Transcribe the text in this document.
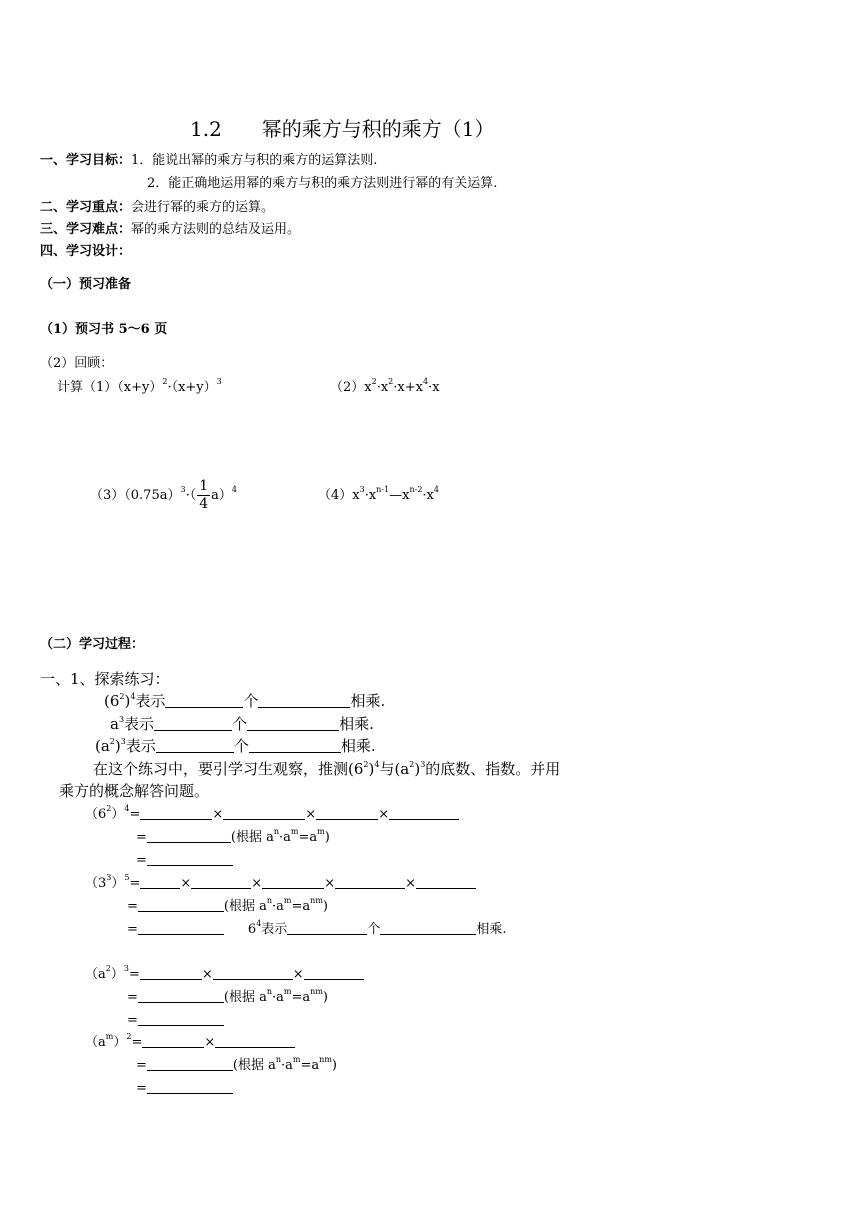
1.2　　幂的乘方与积的乘方（1）
一、学习目标：1．能说出幂的乘方与积的乘方的运算法则.
2．能正确地运用幂的乘方与积的乘方法则进行幂的有关运算.
二、学习重点：会进行幂的乘方的运算。
三、学习难点：幂的乘方法则的总结及运用。
四、学习设计：
（一）预习准备
（1）预习书 5～6 页
（2）回顾：
计算$(1)(x+y)^2\cdot(x+y)^3$	$(2)x^2\cdot x^2\cdot x+x^4\cdot x$
$(3)(0.75a)^3\cdot( \frac{1}{4} a)^4$	$(4)x^3\cdot x^{n-1}—x^{n-2}\cdot x^4$
（二）学习过程：
一、1、探索练习：
$(6^2)^4$表示	个	相乘.
$a^3$表示	个	相乘.
$(a^2)^3$表示	个	相乘.
在这个练习中，要引学习生观察，推测$(6^2)^4$与$(a^2)^3$的底数、指数。并用
乘方的概念解答问题。
$(6^2)^4=$	×	×	×
=	(根据 $a^n\cdot a^m=a^m$)
=
$(3^3)^5=$	×	×	×	×
=	(根据 $a^n\cdot a^m=a^{nm}$)
=	$6^4$表示	个	相乘.
$(a^2)^3=$	×	×
=	(根据 $a^n\cdot a^m=a^{nm}$)
=
$(a^m)^2=$	×
=	(根据 $a^n\cdot a^m=a^{nm}$)
=
